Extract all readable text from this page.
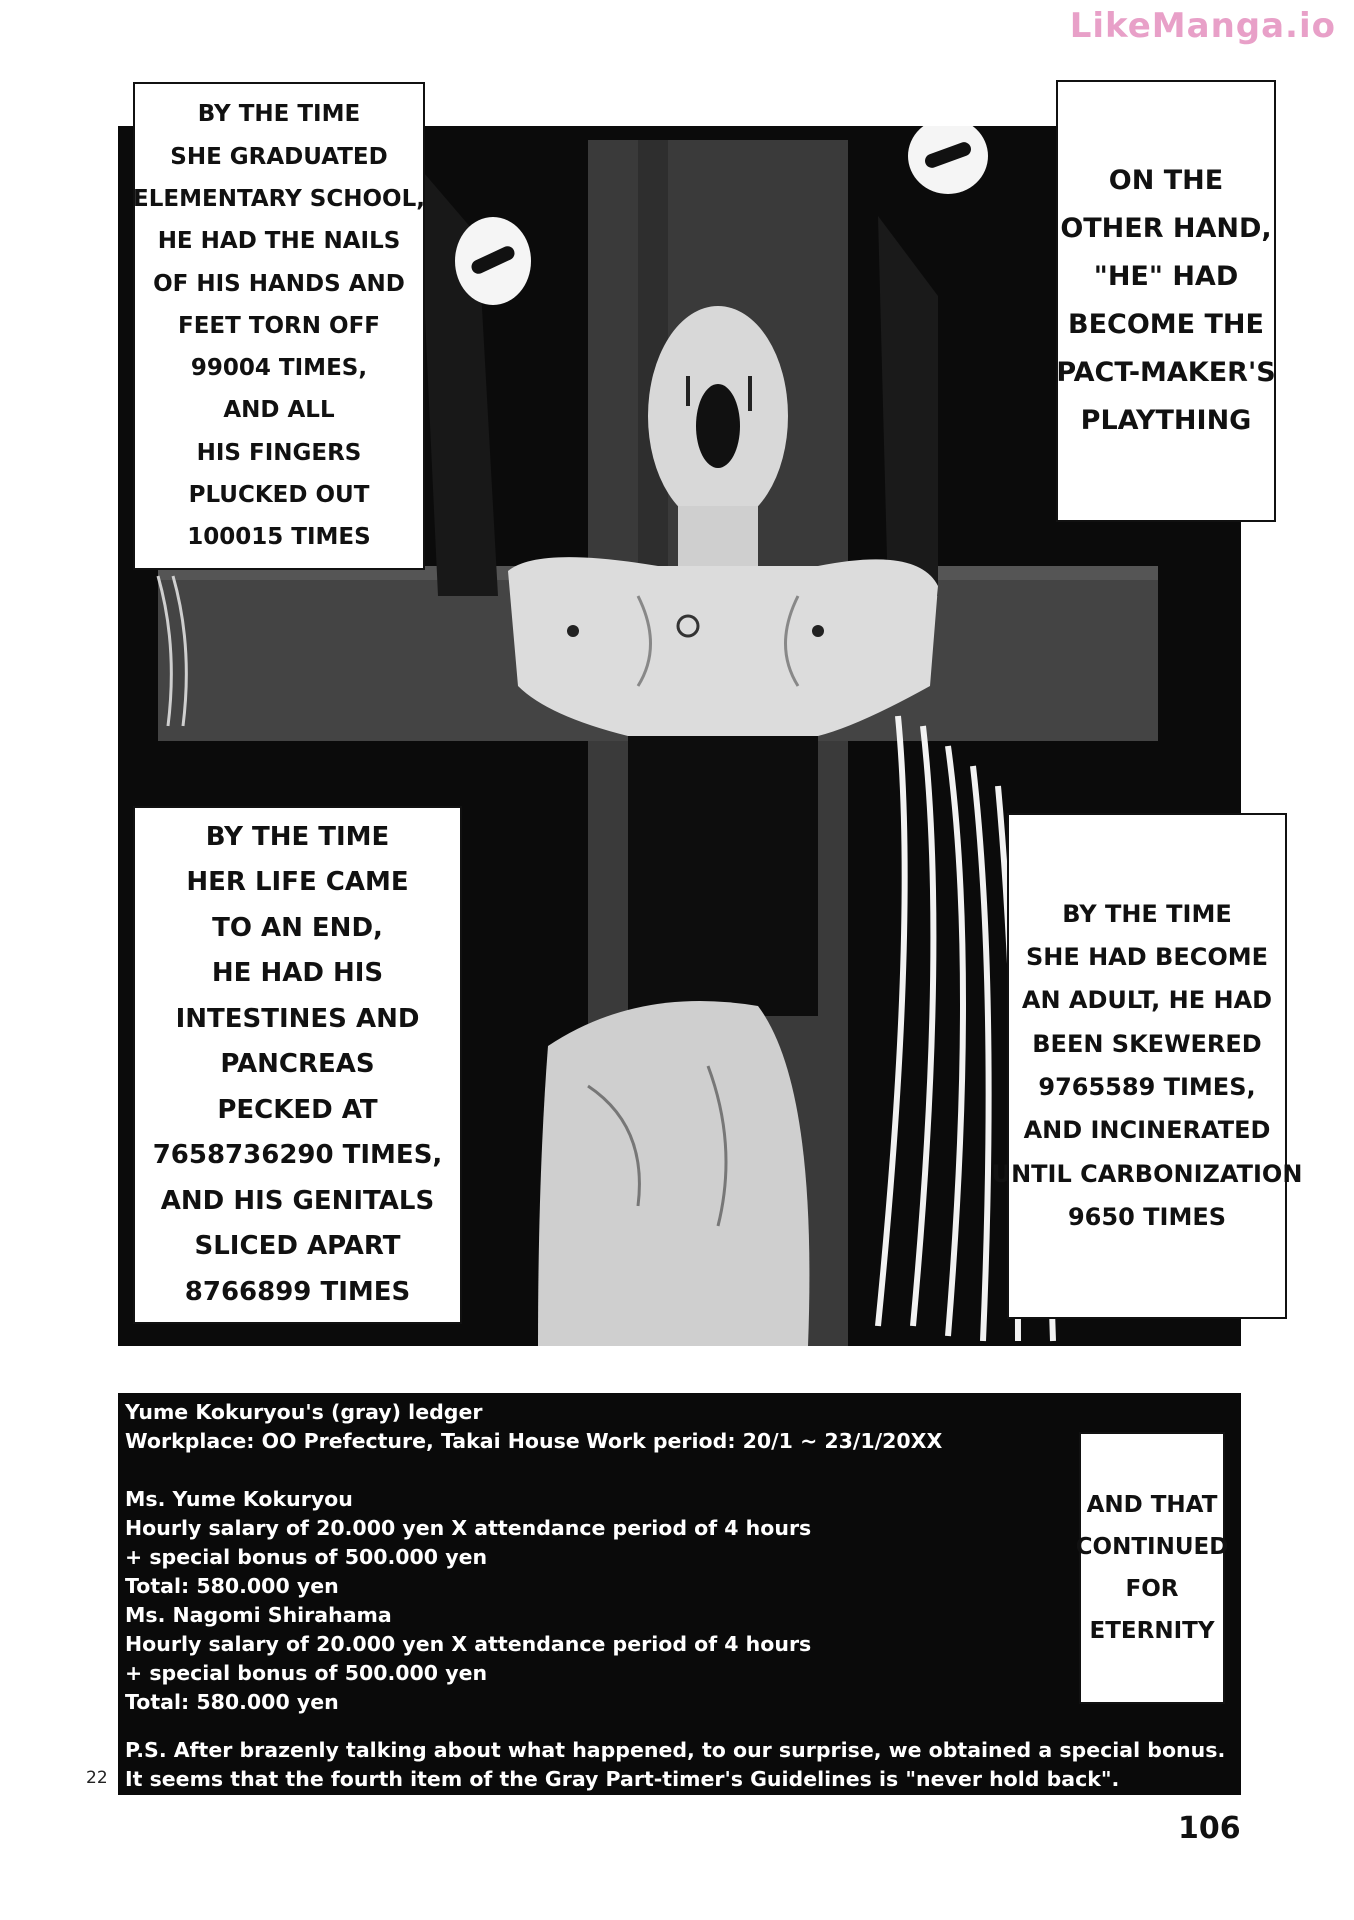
LikeManga.io
BY THE TIME
SHE GRADUATED
ELEMENTARY SCHOOL,
HE HAD THE NAILS
OF HIS HANDS AND
FEET TORN OFF
99004 TIMES,
AND ALL
HIS FINGERS
PLUCKED OUT
100015 TIMES
ON THE
OTHER HAND,
"HE" HAD
BECOME THE
PACT-MAKER'S
PLAYTHING
BY THE TIME
HER LIFE CAME
TO AN END,
HE HAD HIS
INTESTINES AND
PANCREAS
PECKED AT
7658736290 TIMES,
AND HIS GENITALS
SLICED APART
8766899 TIMES
BY THE TIME
SHE HAD BECOME
AN ADULT, HE HAD
BEEN SKEWERED
9765589 TIMES,
AND INCINERATED
UNTIL CARBONIZATION
9650 TIMES
Yume Kokuryou's (gray) ledger
Workplace: OO Prefecture, Takai House Work period: 20/1 ~ 23/1/20XX
Ms. Yume Kokuryou
Hourly salary of 20.000 yen X attendance period of 4 hours
+ special bonus of 500.000 yen
Total: 580.000 yen
Ms. Nagomi Shirahama
Hourly salary of 20.000 yen X attendance period of 4 hours
+ special bonus of 500.000 yen
Total: 580.000 yen
P.S. After brazenly talking about what happened, to our surprise, we obtained a special bonus.
It seems that the fourth item of the Gray Part-timer's Guidelines is "never hold back".
AND THAT
CONTINUED
FOR
ETERNITY
22
106
